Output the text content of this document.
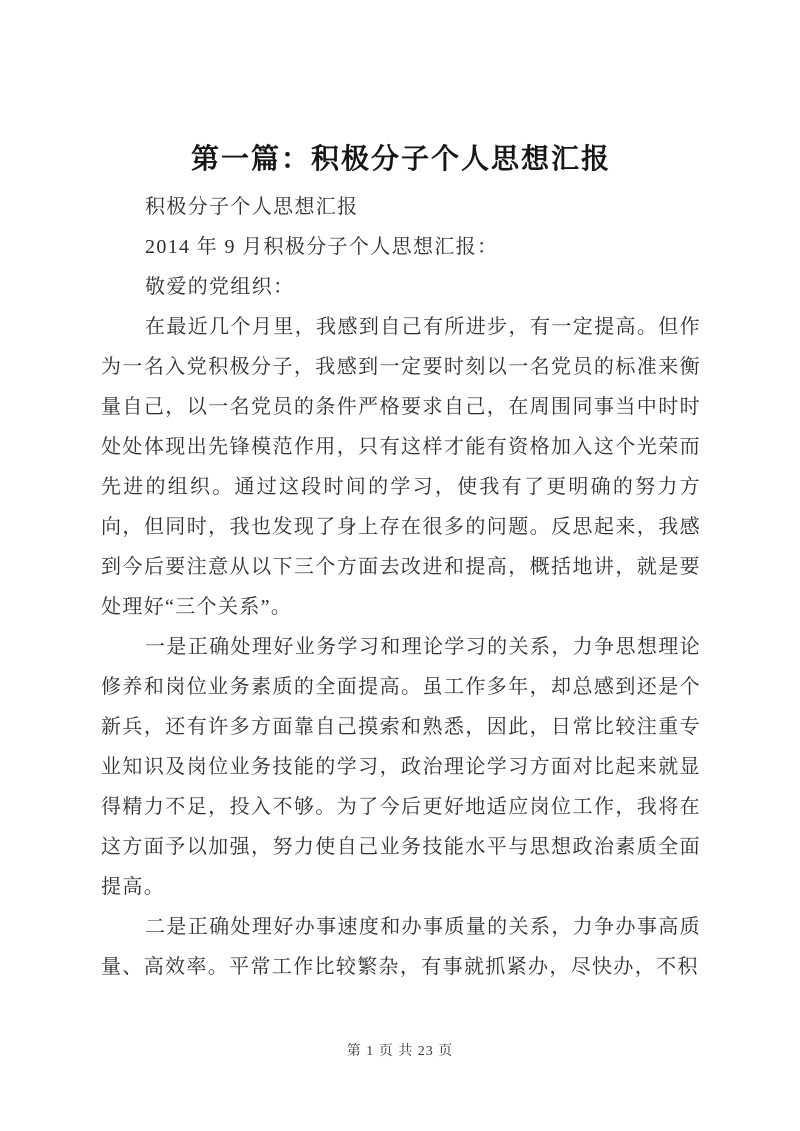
第一篇：积极分子个人思想汇报

积极分子个人思想汇报

2014 年 9 月积极分子个人思想汇报：

敬爱的党组织：

在最近几个月里，我感到自己有所进步，有一定提高。但作为一名入党积极分子，我感到一定要时刻以一名党员的标准来衡量自己，以一名党员的条件严格要求自己，在周围同事当中时时处处体现出先锋模范作用，只有这样才能有资格加入这个光荣而先进的组织。通过这段时间的学习，使我有了更明确的努力方向，但同时，我也发现了身上存在很多的问题。反思起来，我感到今后要注意从以下三个方面去改进和提高，概括地讲，就是要处理好“三个关系”。

一是正确处理好业务学习和理论学习的关系，力争思想理论修养和岗位业务素质的全面提高。虽工作多年，却总感到还是个新兵，还有许多方面靠自己摸索和熟悉，因此，日常比较注重专业知识及岗位业务技能的学习，政治理论学习方面对比起来就显得精力不足，投入不够。为了今后更好地适应岗位工作，我将在这方面予以加强，努力使自己业务技能水平与思想政治素质全面提高。

二是正确处理好办事速度和办事质量的关系，力争办事高质量、高效率。平常工作比较繁杂，有事就抓紧办，尽快办，不积

第 1 页 共 23 页
